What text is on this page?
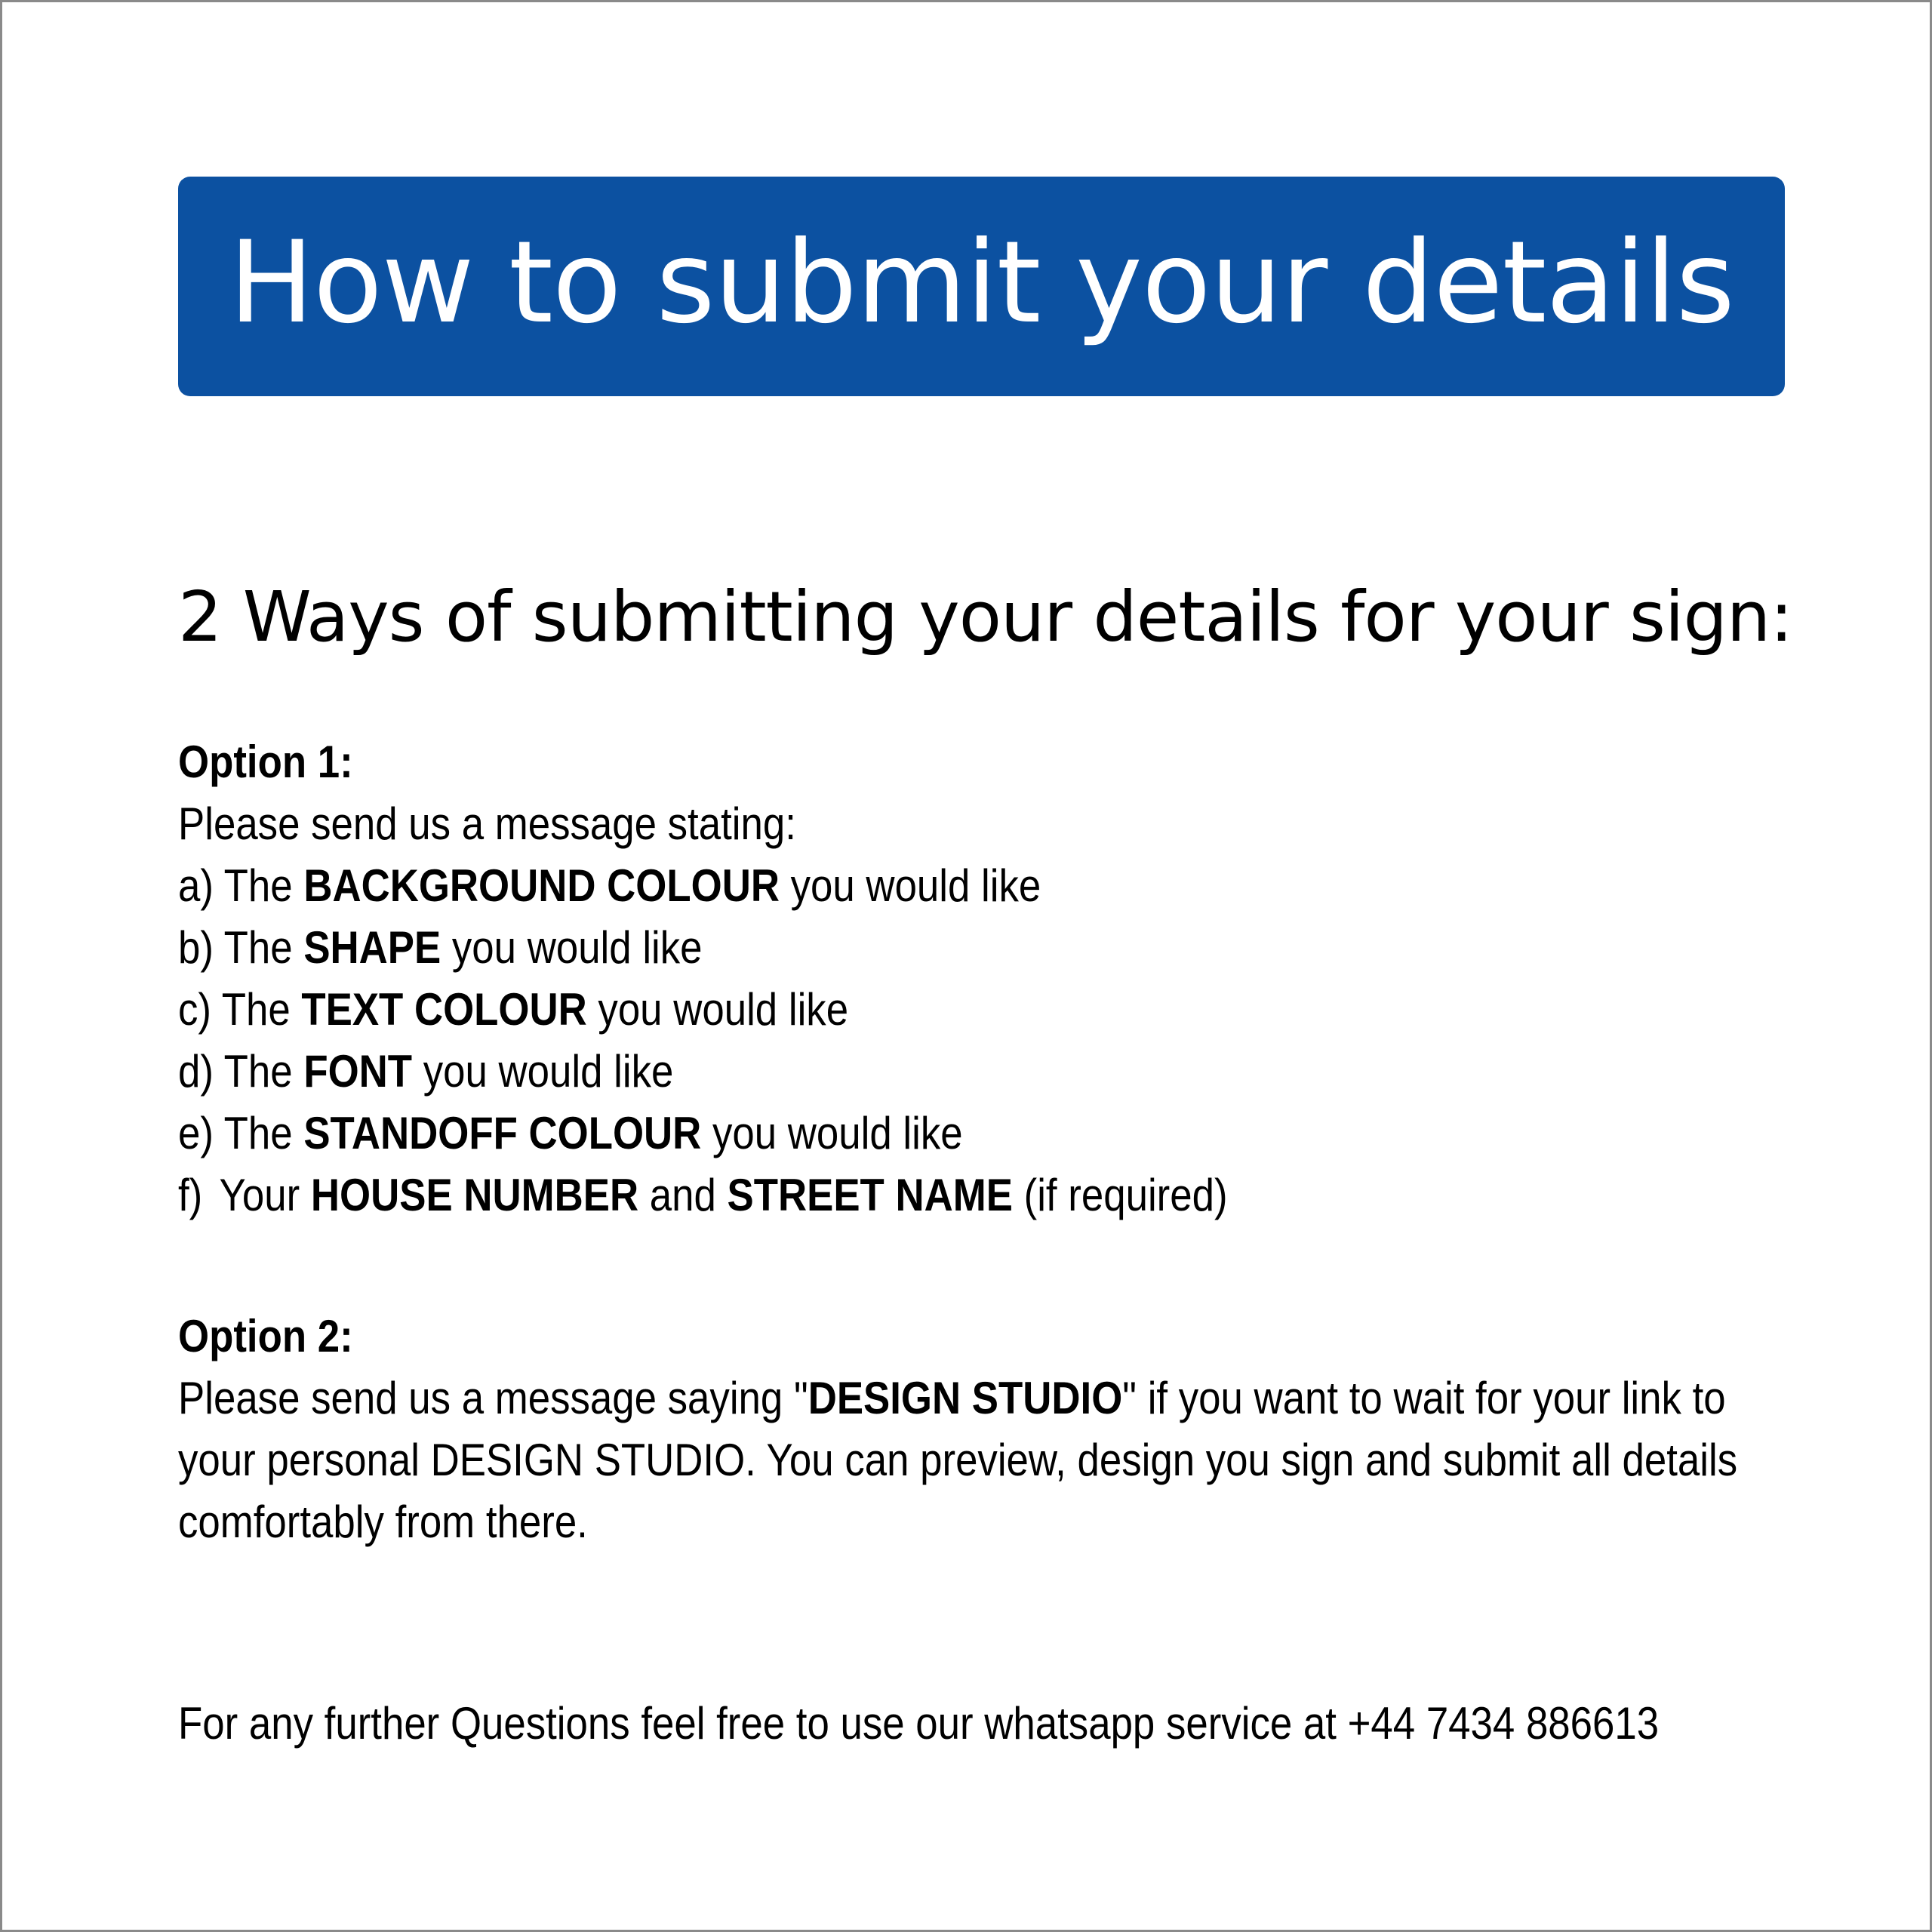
How to submit your details
2 Ways of submitting your details for your sign:
Option 1:
Please send us a message stating:
a) The BACKGROUND COLOUR you would like
b) The SHAPE you would like
c) The TEXT COLOUR you would like
d) The FONT you would like
e) The STANDOFF COLOUR you would like
f) Your HOUSE NUMBER and STREET NAME (if required)
Option 2:
Please send us a message saying "DESIGN STUDIO" if you want to wait for your link to
your personal DESIGN STUDIO. You can preview, design you sign and submit all details
comfortably from there.
For any further Questions feel free to use our whatsapp service at +44 7434 886613
